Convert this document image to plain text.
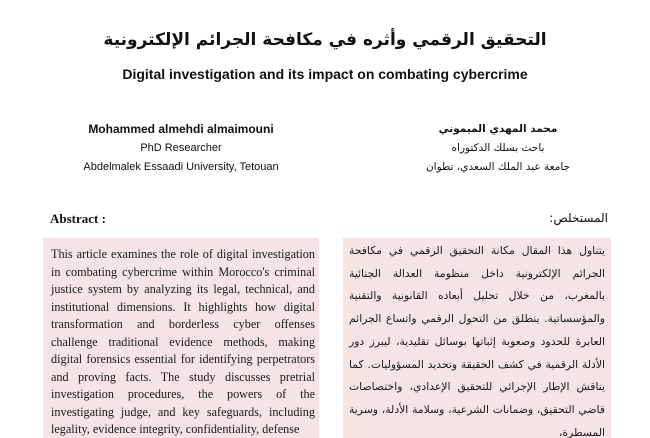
التحقيق الرقمي وأثره في مكافحة الجرائم الإلكترونية
Digital investigation and its impact on combating cybercrime
Mohammed almehdi almaimouni
PhD Researcher
Abdelmalek Essaadi University, Tetouan
محمد المهدي الميموني
باحث بسلك الدكتوراه
جامعة عبد الملك السعدي، تطوان
Abstract :	المستخلص:
This article examines the role of digital investigation in combating cybercrime within Morocco's criminal justice system by analyzing its legal, technical, and institutional dimensions. It highlights how digital transformation and borderless cyber offenses challenge traditional evidence methods, making digital forensics essential for identifying perpetrators and proving facts. The study discusses pretrial investigation procedures, the powers of the investigating judge, and key safeguards, including legality, evidence integrity, confidentiality, defense
يتناول هذا المقال مكانة التحقيق الرقمي في مكافحة الجرائم الإلكترونية داخل منظومة العدالة الجنائية بالمغرب، من خلال تحليل أبعاده القانونية والتقنية والمؤسساتية. ينطلق من التحول الرقمي واتساع الجرائم العابرة للحدود وصعوبة إثباتها بوسائل تقليدية، ليبرز دور الأدلة الرقمية في كشف الحقيقة وتحديد المسؤوليات. كما يناقش الإطار الإجرائي للتحقيق الإعدادي، واختصاصات قاضي التحقيق، وضمانات الشرعية، وسلامة الأدلة، وسرية المسطرة،
